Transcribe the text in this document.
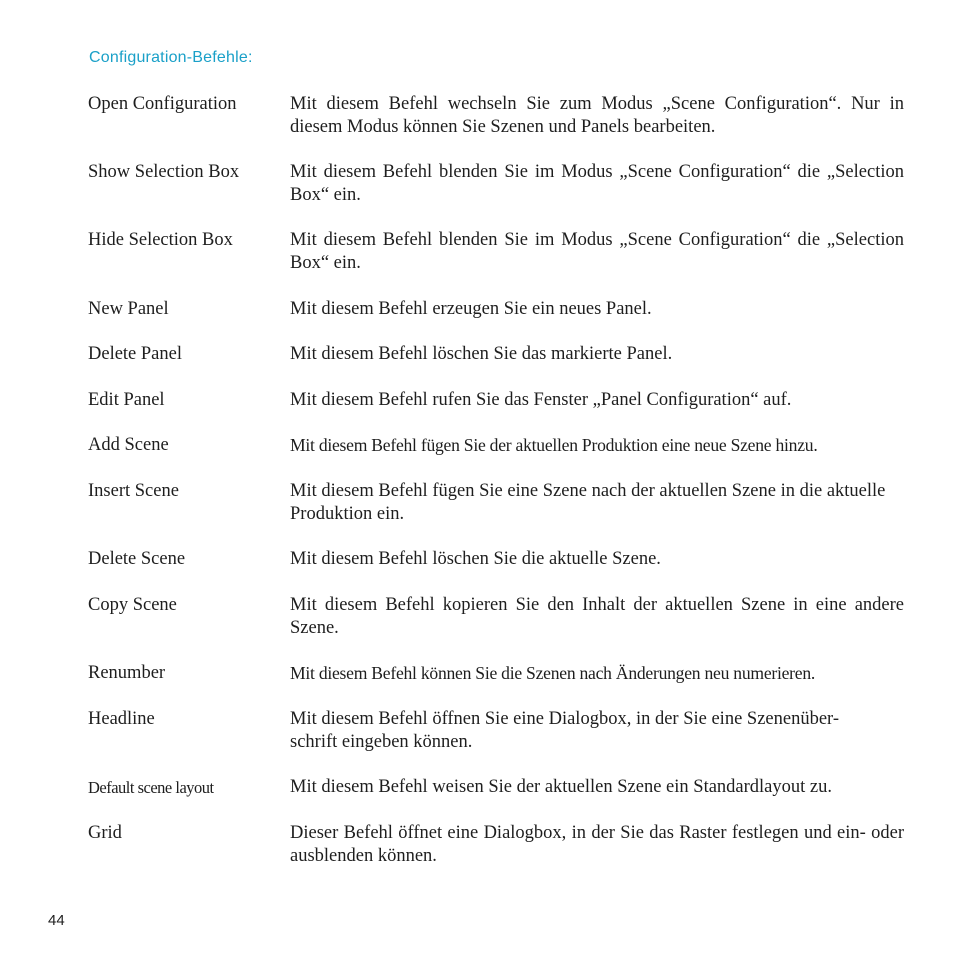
Configuration-Befehle:
Open Configuration	Mit diesem Befehl wechseln Sie zum Modus „Scene Configuration“. Nur in diesem Modus können Sie Szenen und Panels bearbeiten.
Show Selection Box	Mit diesem Befehl blenden Sie im Modus „Scene Configuration“ die „Selection Box“ ein.
Hide Selection Box	Mit diesem Befehl blenden Sie im Modus „Scene Configuration“ die „Selection Box“ ein.
New Panel	Mit diesem Befehl erzeugen Sie ein neues Panel.
Delete Panel	Mit diesem Befehl löschen Sie das markierte Panel.
Edit Panel	Mit diesem Befehl rufen Sie das Fenster „Panel Configuration“ auf.
Add Scene	Mit diesem Befehl fügen Sie der aktuellen Produktion eine neue Szene hinzu.
Insert Scene	Mit diesem Befehl fügen Sie eine Szene nach der aktuellen Szene in die aktuelle Produktion ein.
Delete Scene	Mit diesem Befehl löschen Sie die aktuelle Szene.
Copy Scene	Mit diesem Befehl kopieren Sie den Inhalt der aktuellen Szene in eine andere Szene.
Renumber	Mit diesem Befehl können Sie die Szenen nach Änderungen neu numerieren.
Headline	Mit diesem Befehl öffnen Sie eine Dialogbox, in der Sie eine Szenenüber-
schrift eingeben können.
Default scene layout	Mit diesem Befehl weisen Sie der aktuellen Szene ein Standardlayout zu.
Grid	Dieser Befehl öffnet eine Dialogbox, in der Sie das Raster festlegen und ein- oder ausblenden können.
44
